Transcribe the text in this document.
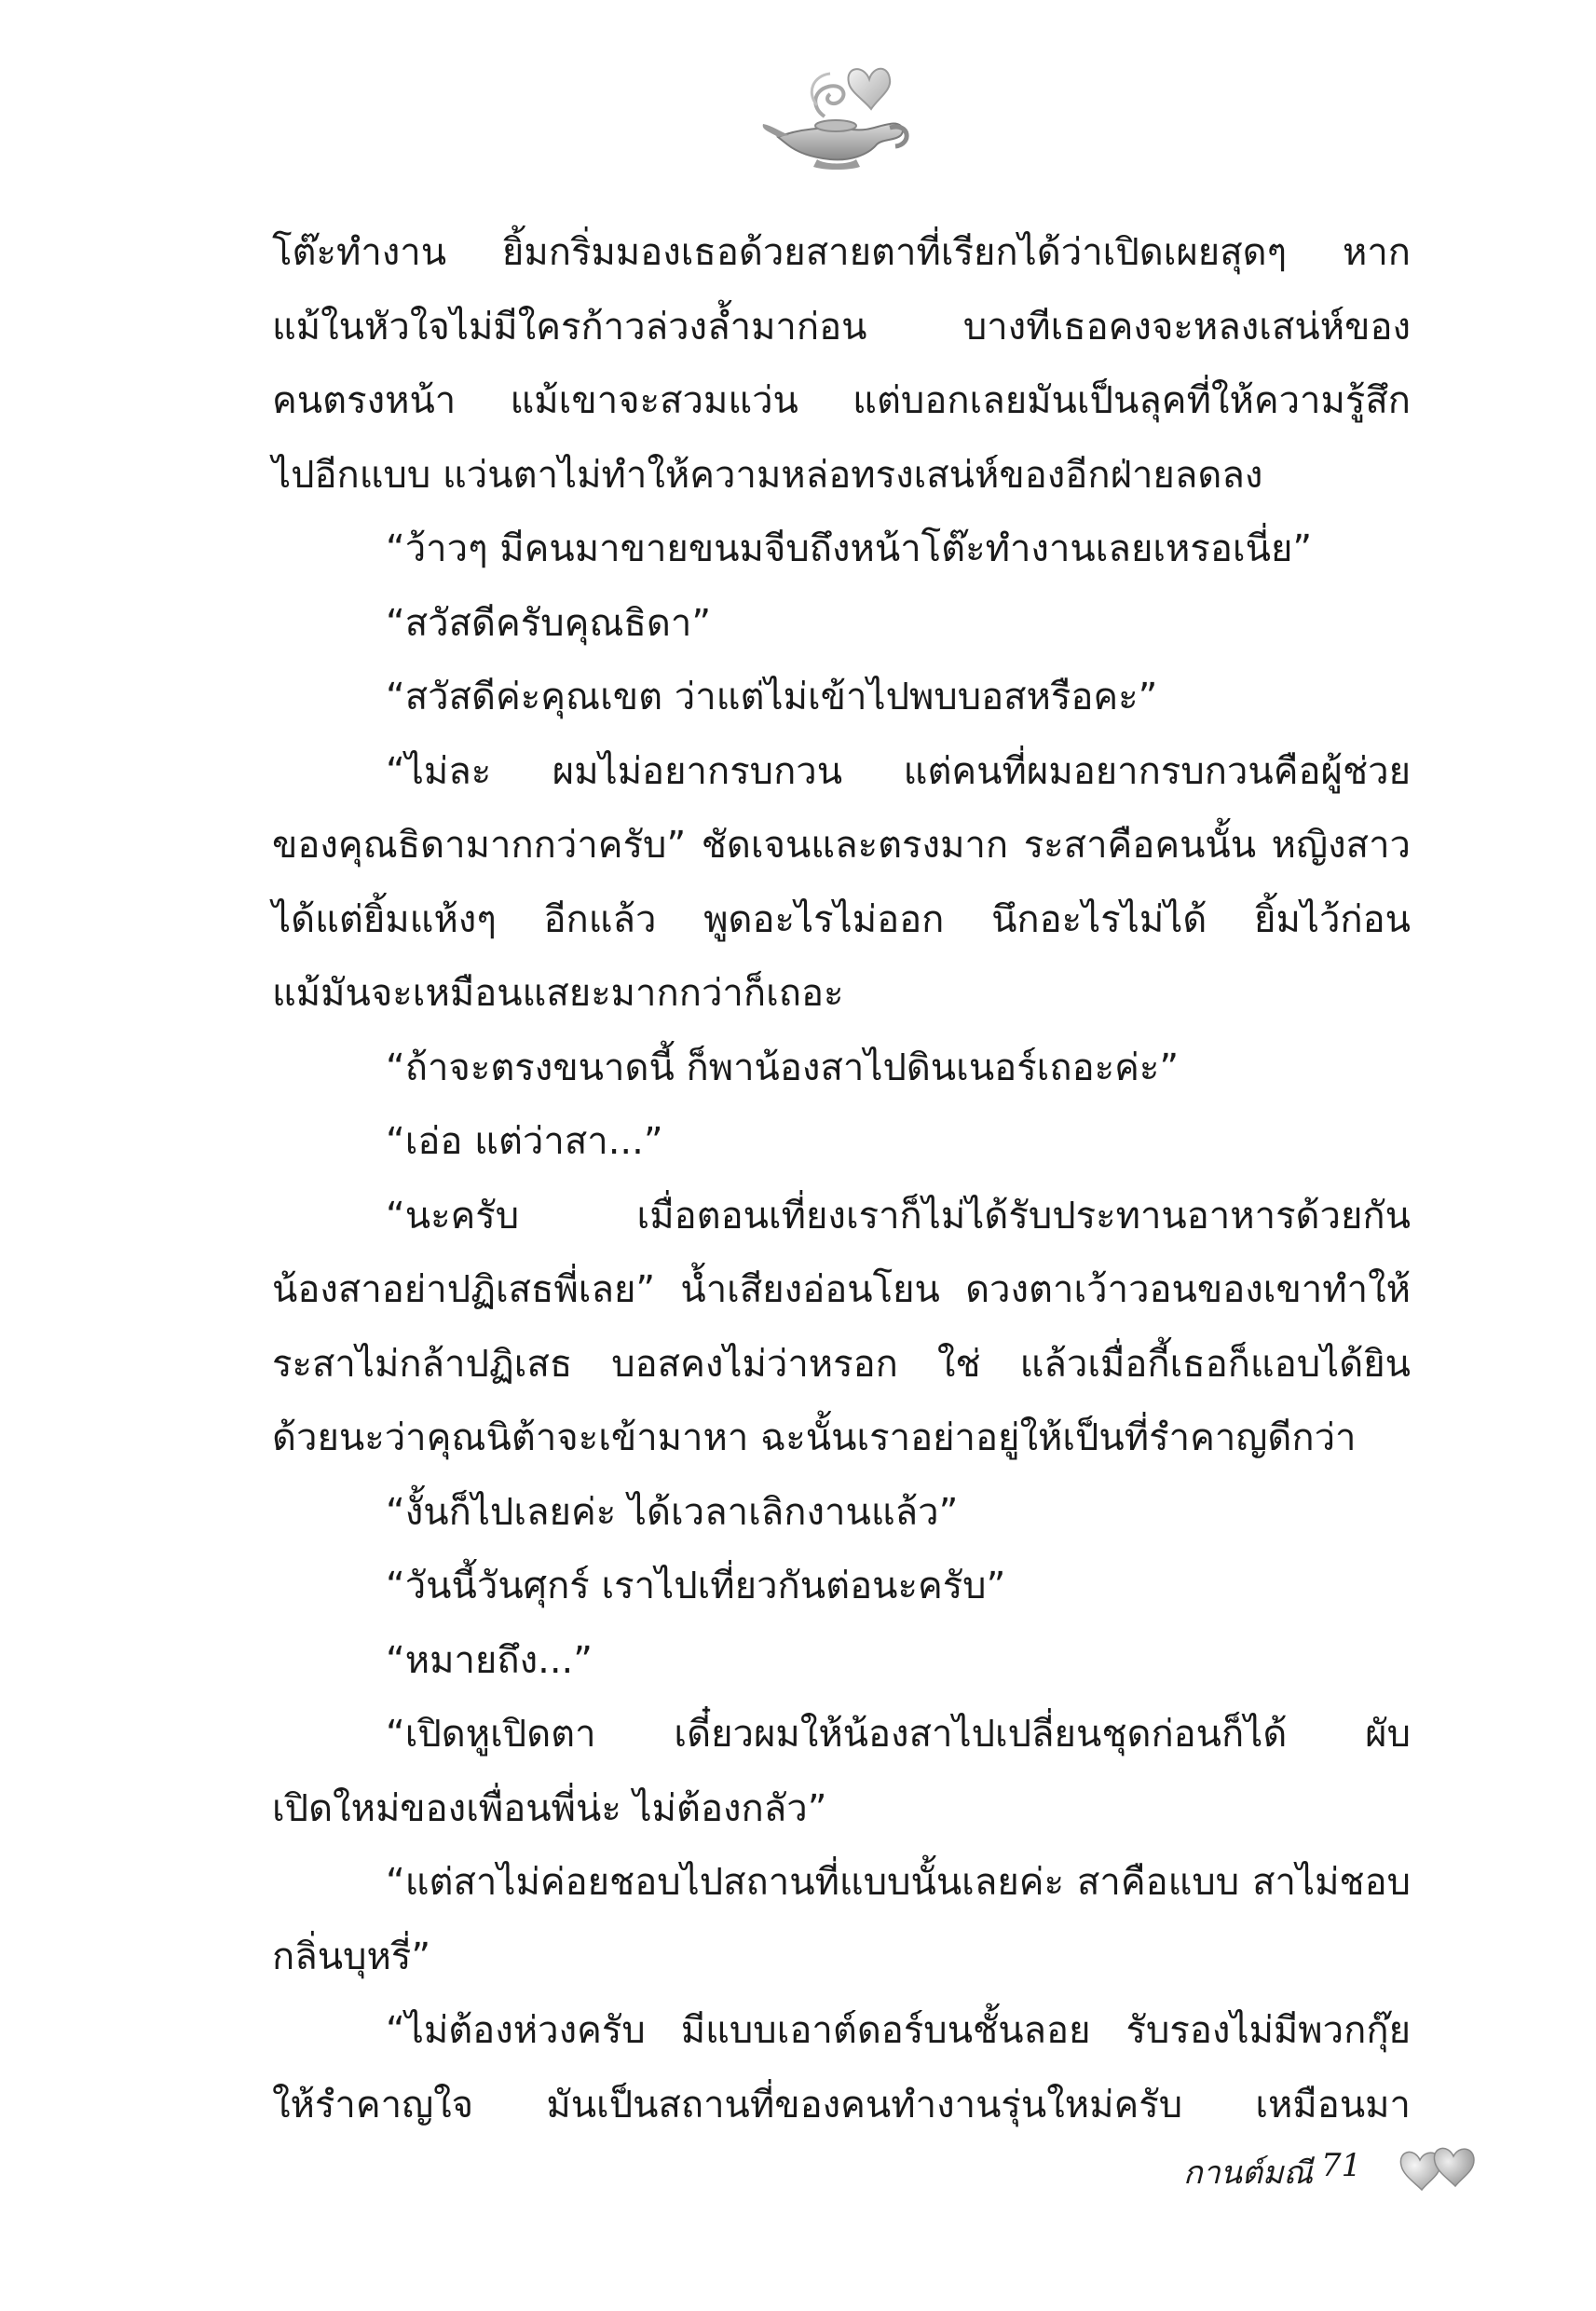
โต๊ะทำงาน ยิ้มกริ่มมองเธอด้วยสายตาที่เรียกได้ว่าเปิดเผยสุดๆ หาก
แม้ในหัวใจไม่มีใครก้าวล่วงล้ำมาก่อน บางทีเธอคงจะหลงเสน่ห์ของ
คนตรงหน้า แม้เขาจะสวมแว่น แต่บอกเลยมันเป็นลุคที่ให้ความรู้สึก
ไปอีกแบบ แว่นตาไม่ทำให้ความหล่อทรงเสน่ห์ของอีกฝ่ายลดลง
“ว้าวๆ มีคนมาขายขนมจีบถึงหน้าโต๊ะทำงานเลยเหรอเนี่ย”
“สวัสดีครับคุณธิดา”
“สวัสดีค่ะคุณเขต ว่าแต่ไม่เข้าไปพบบอสหรือคะ”
“ไม่ละ ผมไม่อยากรบกวน แต่คนที่ผมอยากรบกวนคือผู้ช่วย
ของคุณธิดามากกว่าครับ” ชัดเจนและตรงมาก ระสาคือคนนั้น หญิงสาว
ได้แต่ยิ้มแห้งๆ อีกแล้ว พูดอะไรไม่ออก นึกอะไรไม่ได้ ยิ้มไว้ก่อน
แม้มันจะเหมือนแสยะมากกว่าก็เถอะ
“ถ้าจะตรงขนาดนี้ ก็พาน้องสาไปดินเนอร์เถอะค่ะ”
“เอ่อ แต่ว่าสา...”
“นะครับ เมื่อตอนเที่ยงเราก็ไม่ได้รับประทานอาหารด้วยกัน
น้องสาอย่าปฏิเสธพี่เลย” น้ำเสียงอ่อนโยน ดวงตาเว้าวอนของเขาทำให้
ระสาไม่กล้าปฏิเสธ บอสคงไม่ว่าหรอก ใช่ แล้วเมื่อกี้เธอก็แอบได้ยิน
ด้วยนะว่าคุณนิต้าจะเข้ามาหา ฉะนั้นเราอย่าอยู่ให้เป็นที่รำคาญดีกว่า
“งั้นก็ไปเลยค่ะ ได้เวลาเลิกงานแล้ว”
“วันนี้วันศุกร์ เราไปเที่ยวกันต่อนะครับ”
“หมายถึง...”
“เปิดหูเปิดตา เดี๋ยวผมให้น้องสาไปเปลี่ยนชุดก่อนก็ได้ ผับ
เปิดใหม่ของเพื่อนพี่น่ะ ไม่ต้องกลัว”
“แต่สาไม่ค่อยชอบไปสถานที่แบบนั้นเลยค่ะ สาคือแบบ สาไม่ชอบ
กลิ่นบุหรี่”
“ไม่ต้องห่วงครับ มีแบบเอาต์ดอร์บนชั้นลอย รับรองไม่มีพวกกุ๊ย
ให้รำคาญใจ มันเป็นสถานที่ของคนทำงานรุ่นใหม่ครับ เหมือนมา
กานต์มณี 71
